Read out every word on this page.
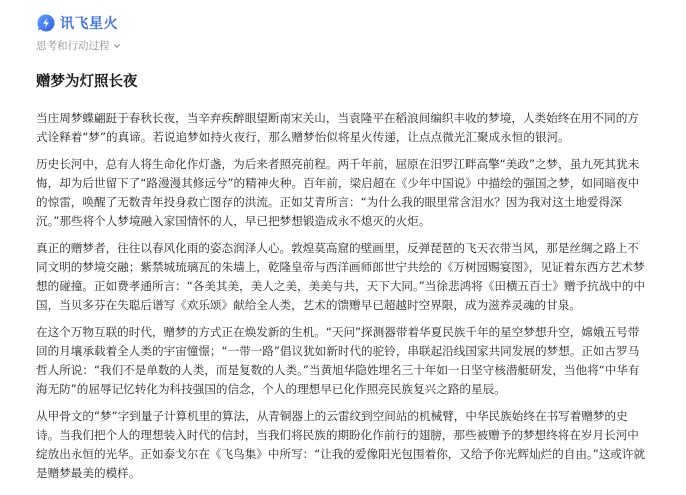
讯飞星火
思考和行动过程
赠梦为灯照长夜

当庄周梦蝶翩跹于春秋长夜，当辛弃疾醉眼望断南宋关山，当袁隆平在稻浪间编织丰收的梦境，人类始终在用不同的方式诠释着“梦”的真谛。若说追梦如持火夜行，那么赠梦怡似将星火传递，让点点微光汇聚成永恒的银河。

历史长河中，总有人将生命化作灯盏，为后来者照亮前程。两千年前，屈原在汨罗江畔高擎“美政”之梦，虽九死其犹未悔，却为后世留下了“路漫漫其修远兮”的精神火种。百年前，梁启超在《少年中国说》中描绘的强国之梦，如同暗夜中的惊雷，唤醒了无数青年投身救亡图存的洪流。正如艾青所言：“为什么我的眼里常含泪水？因为我对这土地爱得深沉。”那些将个人梦境融入家国情怀的人，早已把梦想锻造成永不熄灭的火炬。

真正的赠梦者，往往以春风化雨的姿态润泽人心。敦煌莫高窟的壁画里，反弹琵琶的飞天衣带当风，那是丝绸之路上不同文明的梦境交融；紫禁城琉璃瓦的朱墙上，乾隆皇帝与西洋画师郎世宁共绘的《万树园赐宴图》，见证着东西方艺术梦想的碰撞。正如费孝通所言：“各美其美，美人之美，美美与共，天下大同。”当徐悲鸿将《田横五百士》赠予抗战中的中国，当贝多芬在失聪后谱写《欢乐颂》献给全人类，艺术的馈赠早已超越时空界限，成为滋养灵魂的甘泉。

在这个万物互联的时代，赠梦的方式正在焕发新的生机。“天问”探测器带着华夏民族千年的星空梦想升空，嫦娥五号带回的月壤承载着全人类的宇宙憧憬；“一带一路”倡议犹如新时代的驼铃，串联起沿线国家共同发展的梦想。正如古罗马哲人所说：“我们不是单数的人类，而是复数的人类。”当黄旭华隐姓埋名三十年如一日坚守核潜艇研发，当他将“中华有海无防”的屈辱记忆转化为科技强国的信念，个人的理想早已化作照亮民族复兴之路的星辰。

从甲骨文的“梦”字到量子计算机里的算法，从青铜器上的云雷纹到空间站的机械臂，中华民族始终在书写着赠梦的史诗。当我们把个人的理想装入时代的信封，当我们将民族的期盼化作前行的翅膀，那些被赠予的梦想终将在岁月长河中绽放出永恒的光华。正如泰戈尔在《飞鸟集》中所写：“让我的爱像阳光包围着你，又给予你光辉灿烂的自由。”这或许就是赠梦最美的模样。
